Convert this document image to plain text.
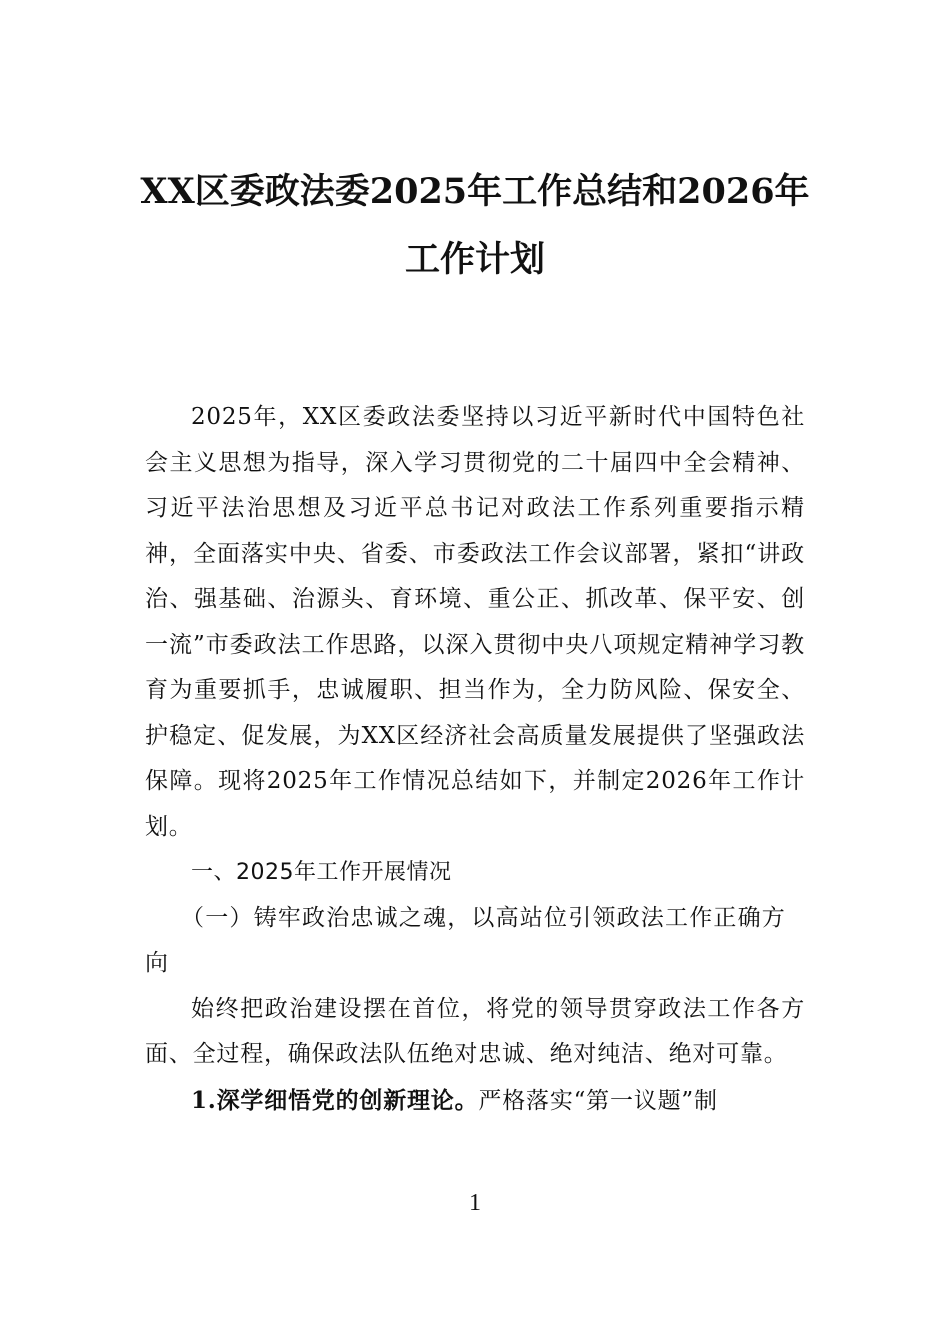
XX区委政法委2025年工作总结和2026年
工作计划

2025年，XX区委政法委坚持以习近平新时代中国特色社会主义思想为指导，深入学习贯彻党的二十届四中全会精神、习近平法治思想及习近平总书记对政法工作系列重要指示精神，全面落实中央、省委、市委政法工作会议部署，紧扣“讲政治、强基础、治源头、育环境、重公正、抓改革、保平安、创一流”市委政法工作思路，以深入贯彻中央八项规定精神学习教育为重要抓手，忠诚履职、担当作为，全力防风险、保安全、护稳定、促发展，为XX区经济社会高质量发展提供了坚强政法保障。现将2025年工作情况总结如下，并制定2026年工作计划。

一、2025年工作开展情况

（一）铸牢政治忠诚之魂，以高站位引领政法工作正确方向

始终把政治建设摆在首位，将党的领导贯穿政法工作各方面、全过程，确保政法队伍绝对忠诚、绝对纯洁、绝对可靠。

1.深学细悟党的创新理论。严格落实“第一议题”制

1
